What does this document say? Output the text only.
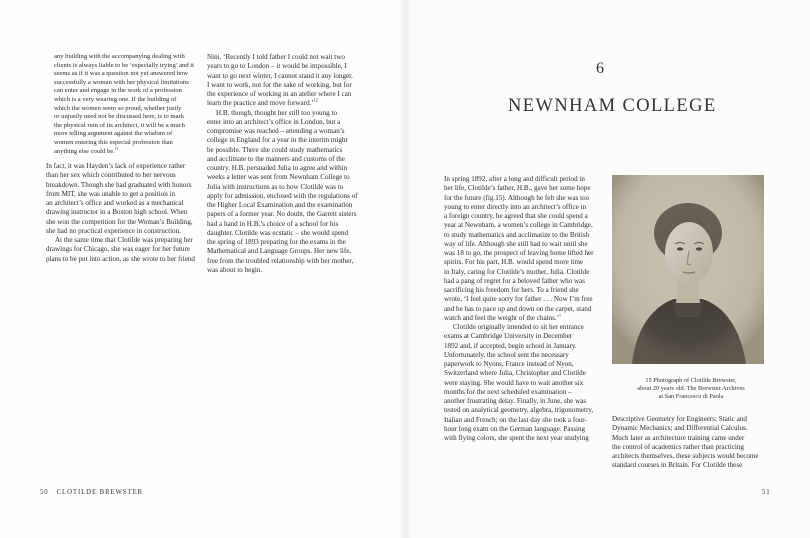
any building with the accompanying dealing with
clients is always liable to be ‘especially trying’ and it
seems as if it was a question not yet answered how
successfully a woman with her physical limitations
can enter and engage in the work of a profession
which is a very wearing one. If the building of
which the women seem so proud, whether justly
or unjustly need not be discussed here, is to mark
the physical ruin of its architect, it will be a much
more telling argument against the wisdom of
women entering this especial profession than
anything else could be.$^{11}$

In fact, it was Hayden’s lack of experience rather
than her sex which contributed to her nervous
breakdown. Though she had graduated with honors
from MIT, she was unable to get a position in
an architect’s office and worked as a mechanical
drawing instructor in a Boston high school. When
she won the competition for the Woman’s Building,
she had no practical experience in construction.

At the same time that Clotilde was preparing her
drawings for Chicago, she was eager for her future
plans to be put into action, as she wrote to her friend

Nini, ‘Recently I told father I could not wait two
years to go to London – it would be impossible, I
want to go next winter, I cannot stand it any longer.
I want to work, not for the sake of working, but for
the experience of working in an atelier where I can
learn the practice and move forward.’$^{12}$

H.B. though, thought her still too young to
enter into an architect’s office in London, but a
compromise was reached – attending a woman’s
college in England for a year in the interim might
be possible. There she could study mathematics
and acclimate to the manners and customs of the
country. H.B. persuaded Julia to agree and within
weeks a letter was sent from Newnham College to
Julia with instructions as to how Clotilde was to
apply for admission, enclosed with the regulations of
the Higher Local Examination and the examination
papers of a former year. No doubt, the Garrett sisters
had a hand in H.B.’s choice of a school for his
daughter. Clotilde was ecstatic – she would spend
the spring of 1893 preparing for the exams in the
Mathematical and Language Groups. Her new life,
free from the troubled relationship with her mother,
was about to begin.

50 CLOTILDE BREWSTER
6
NEWNHAM COLLEGE

In spring 1892, after a long and difficult period in
her life, Clotilde’s father, H.B., gave her some hope
for the future (fig.15). Although he felt she was too
young to enter directly into an architect’s office in
a foreign country, he agreed that she could spend a
year at Newnham, a women’s college in Cambridge,
to study mathematics and acclimatize to the British
way of life. Although she still had to wait until she
was 18 to go, the prospect of leaving home lifted her
spirits. For his part, H.B. would spend more time
in Italy, caring for Clotilde’s mother, Julia. Clotilde
had a pang of regret for a beloved father who was
sacrificing his freedom for hers. To a friend she
wrote, ‘I feel quite sorry for father . . . Now I’m free
and he has to pace up and down on the carpet, stand
watch and feel the weight of the chains.’$^1$

Clotilde originally intended to sit her entrance
exams at Cambridge University in December
1892 and, if accepted, begin school in January.
Unfortunately, the school sent the necessary
paperwork to Nyons, France instead of Nyon,
Switzerland where Julia, Christopher and Clotilde
were staying. She would have to wait another six
months for the next scheduled examination –
another frustrating delay. Finally, in June, she was
tested on analytical geometry, algebra, trigonometry,
Italian and French; on the last day she took a four-
hour long exam on the German language. Passing
with flying colors, she spent the next year studying

15 Photograph of Clotilde Brewster,
about 20 years old. The Brewster Archives
at San Francesco di Paola

Descriptive Geometry for Engineers; Static and
Dynamic Mechanics; and Differential Calculus.
Much later as architecture training came under
the control of academics rather than practicing
architects themselves, these subjects would become
standard courses in Britain. For Clotilde these

51
